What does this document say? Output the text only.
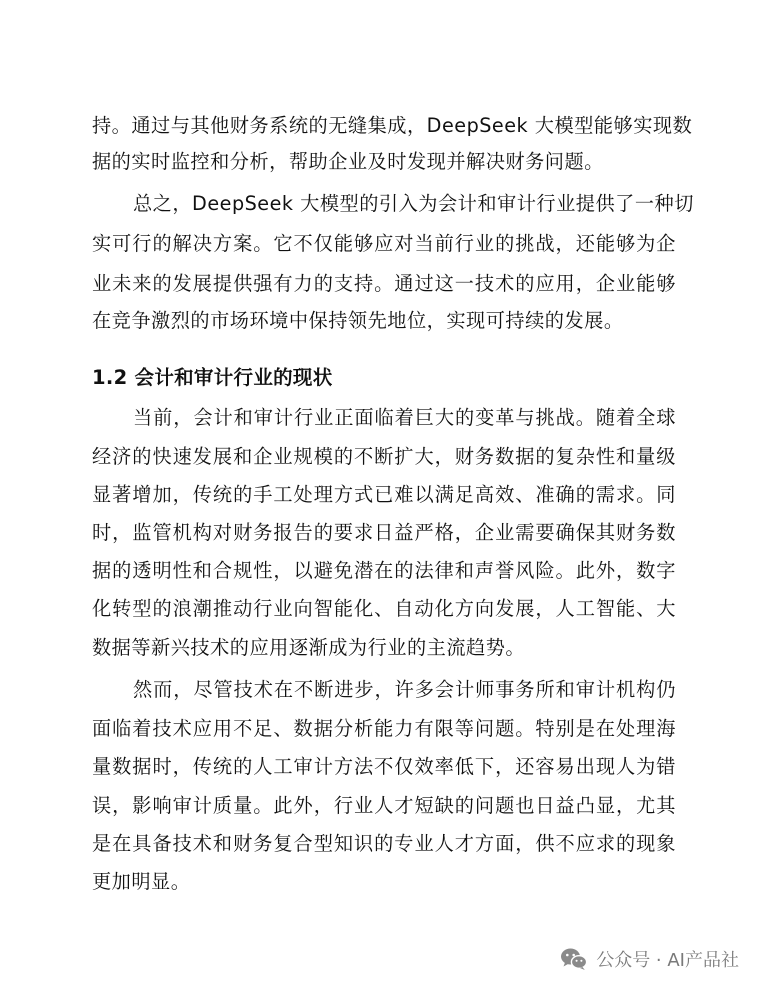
持。通过与其他财务系统的无缝集成，DeepSeek 大模型能够实现数
据的实时监控和分析，帮助企业及时发现并解决财务问题。
总之，DeepSeek 大模型的引入为会计和审计行业提供了一种切
实可行的解决方案。它不仅能够应对当前行业的挑战，还能够为企
业未来的发展提供强有力的支持。通过这一技术的应用，企业能够
在竞争激烈的市场环境中保持领先地位，实现可持续的发展。
1.2 会计和审计行业的现状
当前，会计和审计行业正面临着巨大的变革与挑战。随着全球
经济的快速发展和企业规模的不断扩大，财务数据的复杂性和量级
显著增加，传统的手工处理方式已难以满足高效、准确的需求。同
时，监管机构对财务报告的要求日益严格，企业需要确保其财务数
据的透明性和合规性，以避免潜在的法律和声誉风险。此外，数字
化转型的浪潮推动行业向智能化、自动化方向发展，人工智能、大
数据等新兴技术的应用逐渐成为行业的主流趋势。
然而，尽管技术在不断进步，许多会计师事务所和审计机构仍
面临着技术应用不足、数据分析能力有限等问题。特别是在处理海
量数据时，传统的人工审计方法不仅效率低下，还容易出现人为错
误，影响审计质量。此外，行业人才短缺的问题也日益凸显，尤其
是在具备技术和财务复合型知识的专业人才方面，供不应求的现象
更加明显。
公众号 · AI产品社
